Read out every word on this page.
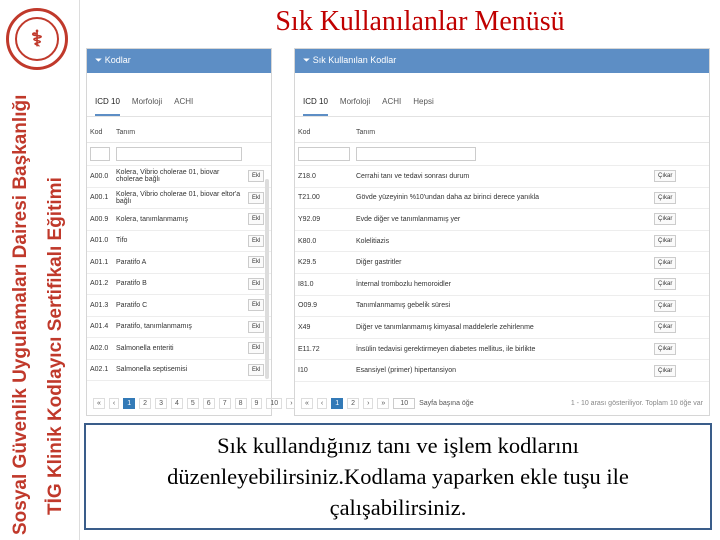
⚕
Sosyal Güvenlik Uygulamaları Dairesi Başkanlığı TİG Klinik Kodlayıcı Sertifikalı Eğitimi
Sık Kullanılanlar Menüsü
⏷ Kodlar
ICD 10 Morfoloji ACHI
Kod	Tanım	

A00.0	Kolera, Vibrio cholerae 01, biovar cholerae bağlı	Ekl
A00.1	Kolera, Vibrio cholerae 01, biovar eltor'a bağlı	Ekl
A00.9	Kolera, tanımlanmamış	Ekl
A01.0	Tifo	Ekl
A01.1	Paratifo A	Ekl
A01.2	Paratifo B	Ekl
A01.3	Paratifo C	Ekl
A01.4	Paratifo, tanımlanmamış	Ekl
A02.0	Salmonella enteriti	Ekl
A02.1	Salmonella septisemisi	Ekl
«	‹	1	2	3	4	5	6	7	8	9	10	›
⏷ Sık Kullanılan Kodlar
ICD 10 Morfoloji ACHI Hepsi
Kod	Tanım	

Z18.0	Cerrahi tanı ve tedavi sonrası durum	Çıkar
T21.00	Gövde yüzeyinin %10'undan daha az birinci derece yanıkla	Çıkar
Y92.09	Evde diğer ve tanımlanmamış yer	Çıkar
K80.0	Kolelitiazis	Çıkar
K29.5	Diğer gastritler	Çıkar
I81.0	İnternal trombozlu hemoroidler	Çıkar
O09.9	Tanımlanmamış gebelik süresi	Çıkar
X49	Diğer ve tanımlanmamış kimyasal maddelerle zehirlenme	Çıkar
E11.72	İnsülin tedavisi gerektirmeyen diabetes mellitus, ile birlikte	Çıkar
I10	Esansiyel (primer) hipertansiyon	Çıkar
«	‹	1	2	›	»	10	Sayfa başına öğe	1 - 10 arası gösteriliyor. Toplam 10 öğe var
Sık kullandığınız tanı ve işlem kodlarını
düzenleyebilirsiniz.Kodlama yaparken ekle tuşu ile
çalışabilirsiniz.
